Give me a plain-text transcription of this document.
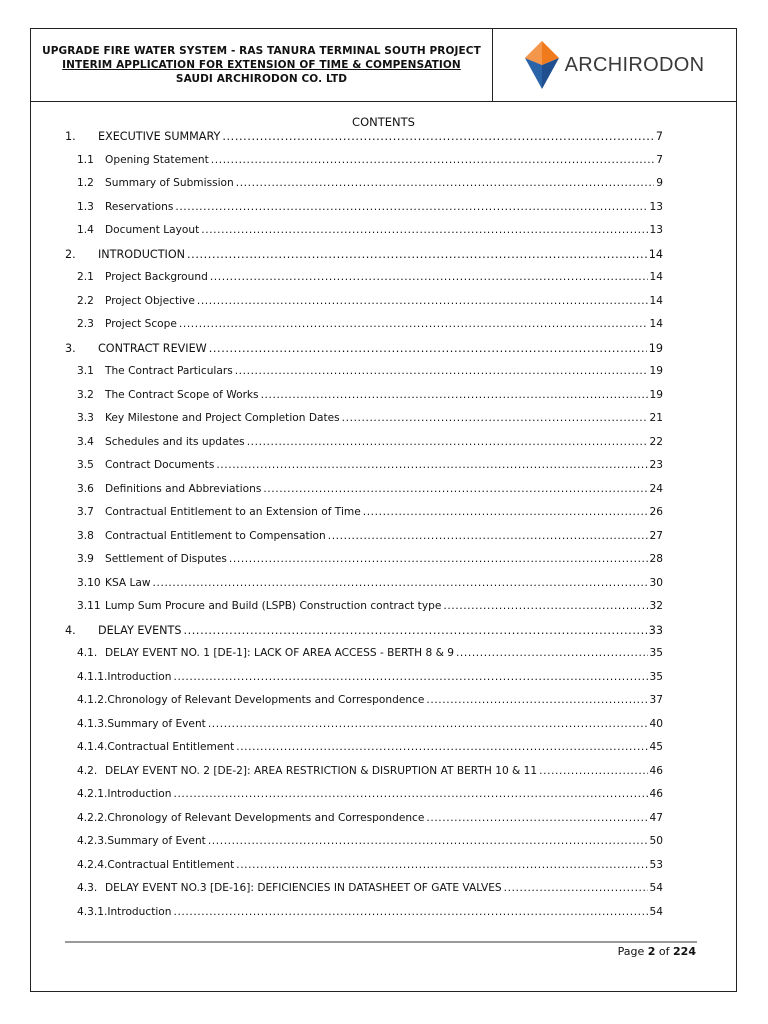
UPGRADE FIRE WATER SYSTEM - RAS TANURA TERMINAL SOUTH PROJECT
INTERIM APPLICATION FOR EXTENSION OF TIME & COMPENSATION
SAUDI ARCHIRODON CO. LTD
ARCHIRODON
CONTENTS
1.	EXECUTIVE SUMMARY .....	7
1.1	Opening Statement .....	7
1.2	Summary of Submission .....	9
1.3	Reservations .....	13
1.4	Document Layout .....	13
2.	INTRODUCTION .....	14
2.1	Project Background .....	14
2.2	Project Objective .....	14
2.3	Project Scope .....	14
3.	CONTRACT REVIEW .....	19
3.1	The Contract Particulars .....	19
3.2	The Contract Scope of Works .....	19
3.3	Key Milestone and Project Completion Dates .....	21
3.4	Schedules and its updates .....	22
3.5	Contract Documents .....	23
3.6	Definitions and Abbreviations .....	24
3.7	Contractual Entitlement to an Extension of Time .....	26
3.8	Contractual Entitlement to Compensation .....	27
3.9	Settlement of Disputes .....	28
3.10 KSA Law .....	30
3.11 Lump Sum Procure and Build (LSPB) Construction contract type .....	32
4.	DELAY EVENTS .....	33
4.1. DELAY EVENT NO. 1 [DE-1]: LACK OF AREA ACCESS - BERTH 8 & 9 .....	35
4.1.1. Introduction .....	35
4.1.2. Chronology of Relevant Developments and Correspondence .....	37
4.1.3. Summary of Event .....	40
4.1.4. Contractual Entitlement .....	45
4.2. DELAY EVENT NO. 2 [DE-2]: AREA RESTRICTION & DISRUPTION AT BERTH 10 & 11 .....	46
4.2.1. Introduction .....	46
4.2.2. Chronology of Relevant Developments and Correspondence .....	47
4.2.3. Summary of Event .....	50
4.2.4. Contractual Entitlement .....	53
4.3. DELAY EVENT NO.3 [DE-16]: DEFICIENCIES IN DATASHEET OF GATE VALVES .....	54
4.3.1. Introduction .....	54
Page 2 of 224
